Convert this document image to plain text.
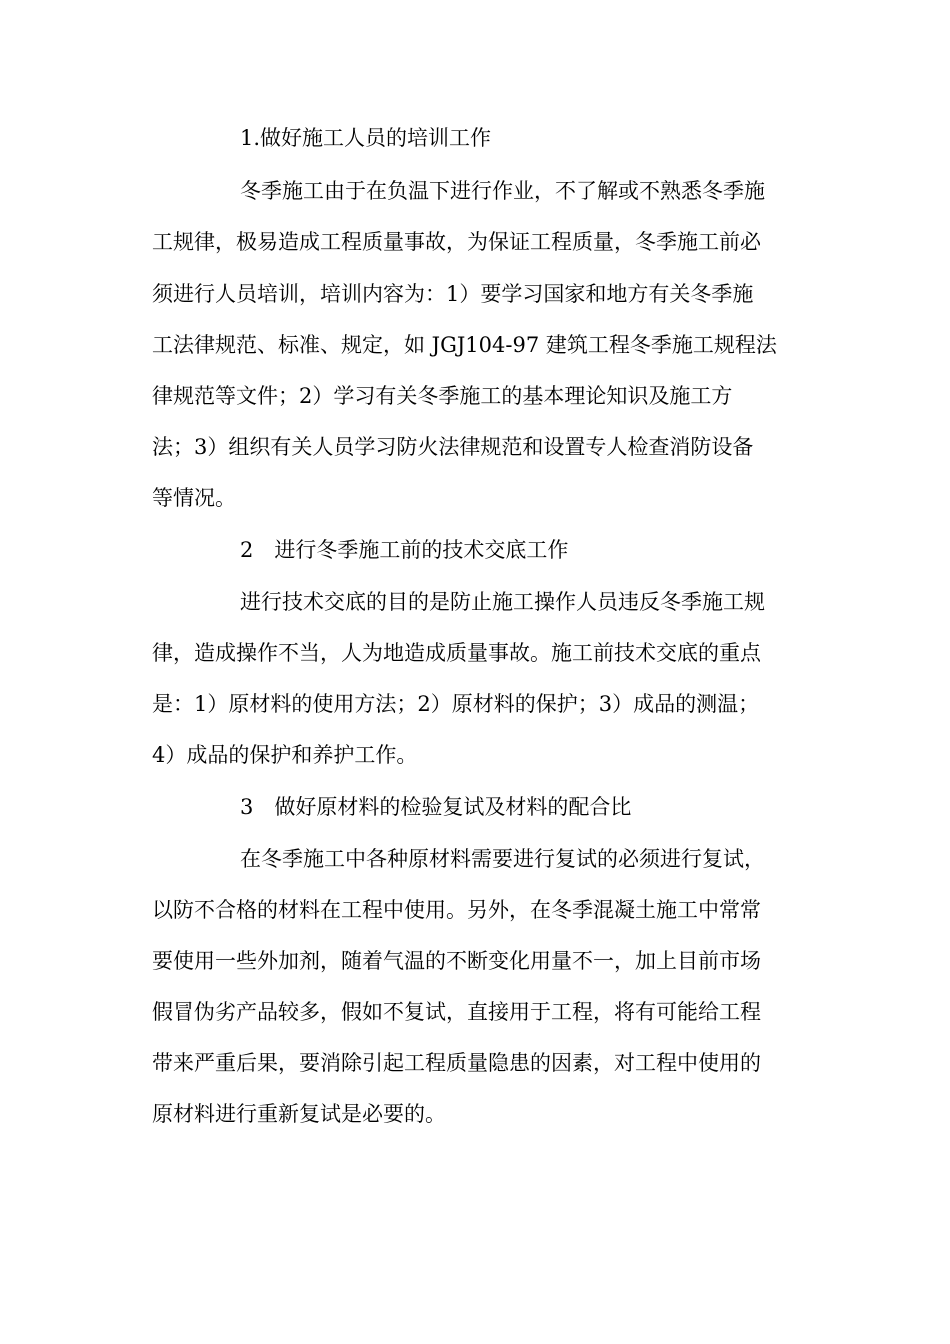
1.做好施工人员的培训工作
冬季施工由于在负温下进行作业，不了解或不熟悉冬季施
工规律，极易造成工程质量事故，为保证工程质量，冬季施工前必
须进行人员培训，培训内容为：1）要学习国家和地方有关冬季施
工法律规范、标准、规定，如 JGJ104-97 建筑工程冬季施工规程法
律规范等文件；2）学习有关冬季施工的基本理论知识及施工方
法；3）组织有关人员学习防火法律规范和设置专人检查消防设备
等情况。
2　进行冬季施工前的技术交底工作
进行技术交底的目的是防止施工操作人员违反冬季施工规
律，造成操作不当，人为地造成质量事故。施工前技术交底的重点
是：1）原材料的使用方法；2）原材料的保护；3）成品的测温；
4）成品的保护和养护工作。
3　做好原材料的检验复试及材料的配合比
在冬季施工中各种原材料需要进行复试的必须进行复试，
以防不合格的材料在工程中使用。另外，在冬季混凝土施工中常常
要使用一些外加剂，随着气温的不断变化用量不一，加上目前市场
假冒伪劣产品较多，假如不复试，直接用于工程，将有可能给工程
带来严重后果，要消除引起工程质量隐患的因素，对工程中使用的
原材料进行重新复试是必要的。
